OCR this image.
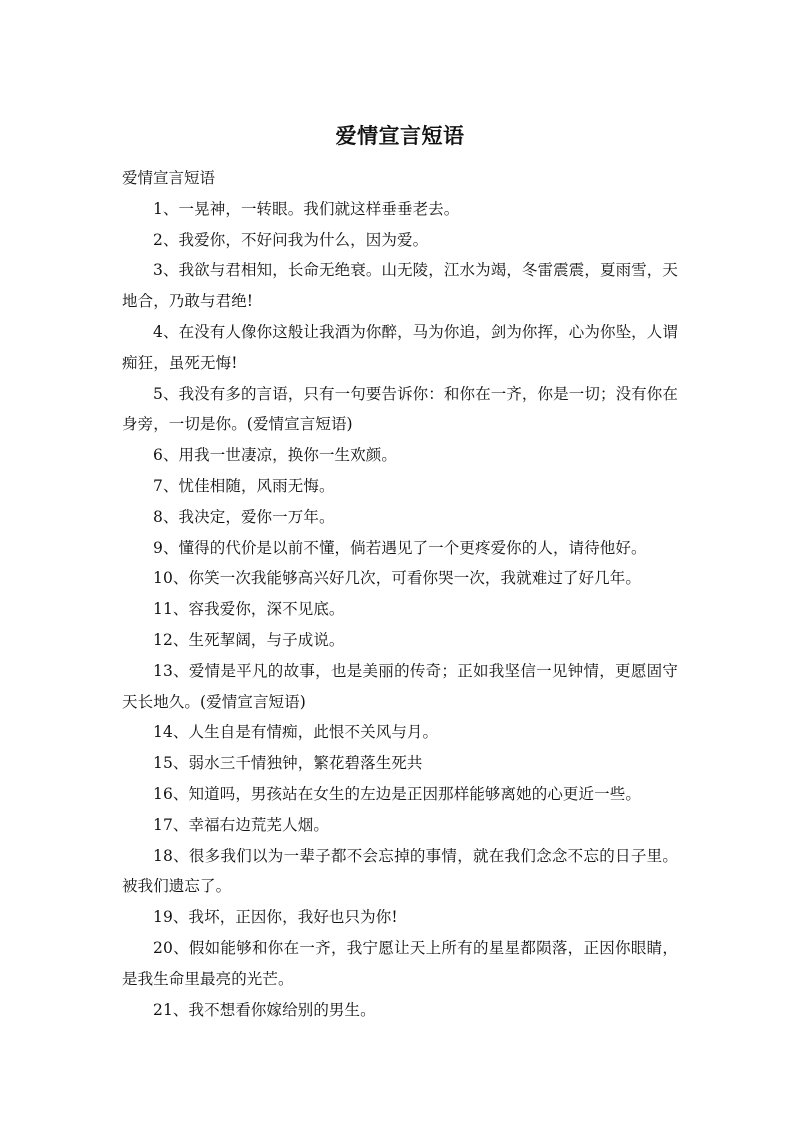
爱情宣言短语

爱情宣言短语

1、一晃神，一转眼。我们就这样垂垂老去。
2、我爱你，不好问我为什么，因为爱。
3、我欲与君相知，长命无绝衰。山无陵，江水为竭，冬雷震震，夏雨雪，天地合，乃敢与君绝!
4、在没有人像你这般让我酒为你醉，马为你追，剑为你挥，心为你坠，人谓痴狂，虽死无悔!
5、我没有多的言语，只有一句要告诉你：和你在一齐，你是一切；没有你在身旁，一切是你。(爱情宣言短语)
6、用我一世凄凉，换你一生欢颜。
7、忧佳相随，风雨无悔。
8、我决定，爱你一万年。
9、懂得的代价是以前不懂，倘若遇见了一个更疼爱你的人，请待他好。
10、你笑一次我能够高兴好几次，可看你哭一次，我就难过了好几年。
11、容我爱你，深不见底。
12、生死挈阔，与子成说。
13、爱情是平凡的故事，也是美丽的传奇；正如我坚信一见钟情，更愿固守天长地久。(爱情宣言短语)
14、人生自是有情痴，此恨不关风与月。
15、弱水三千情独钟，繁花碧落生死共
16、知道吗，男孩站在女生的左边是正因那样能够离她的心更近一些。
17、幸福右边荒芜人烟。
18、很多我们以为一辈子都不会忘掉的事情，就在我们念念不忘的日子里。被我们遗忘了。
19、我坏，正因你，我好也只为你!
20、假如能够和你在一齐，我宁愿让天上所有的星星都陨落，正因你眼睛，是我生命里最亮的光芒。
21、我不想看你嫁给别的男生。
